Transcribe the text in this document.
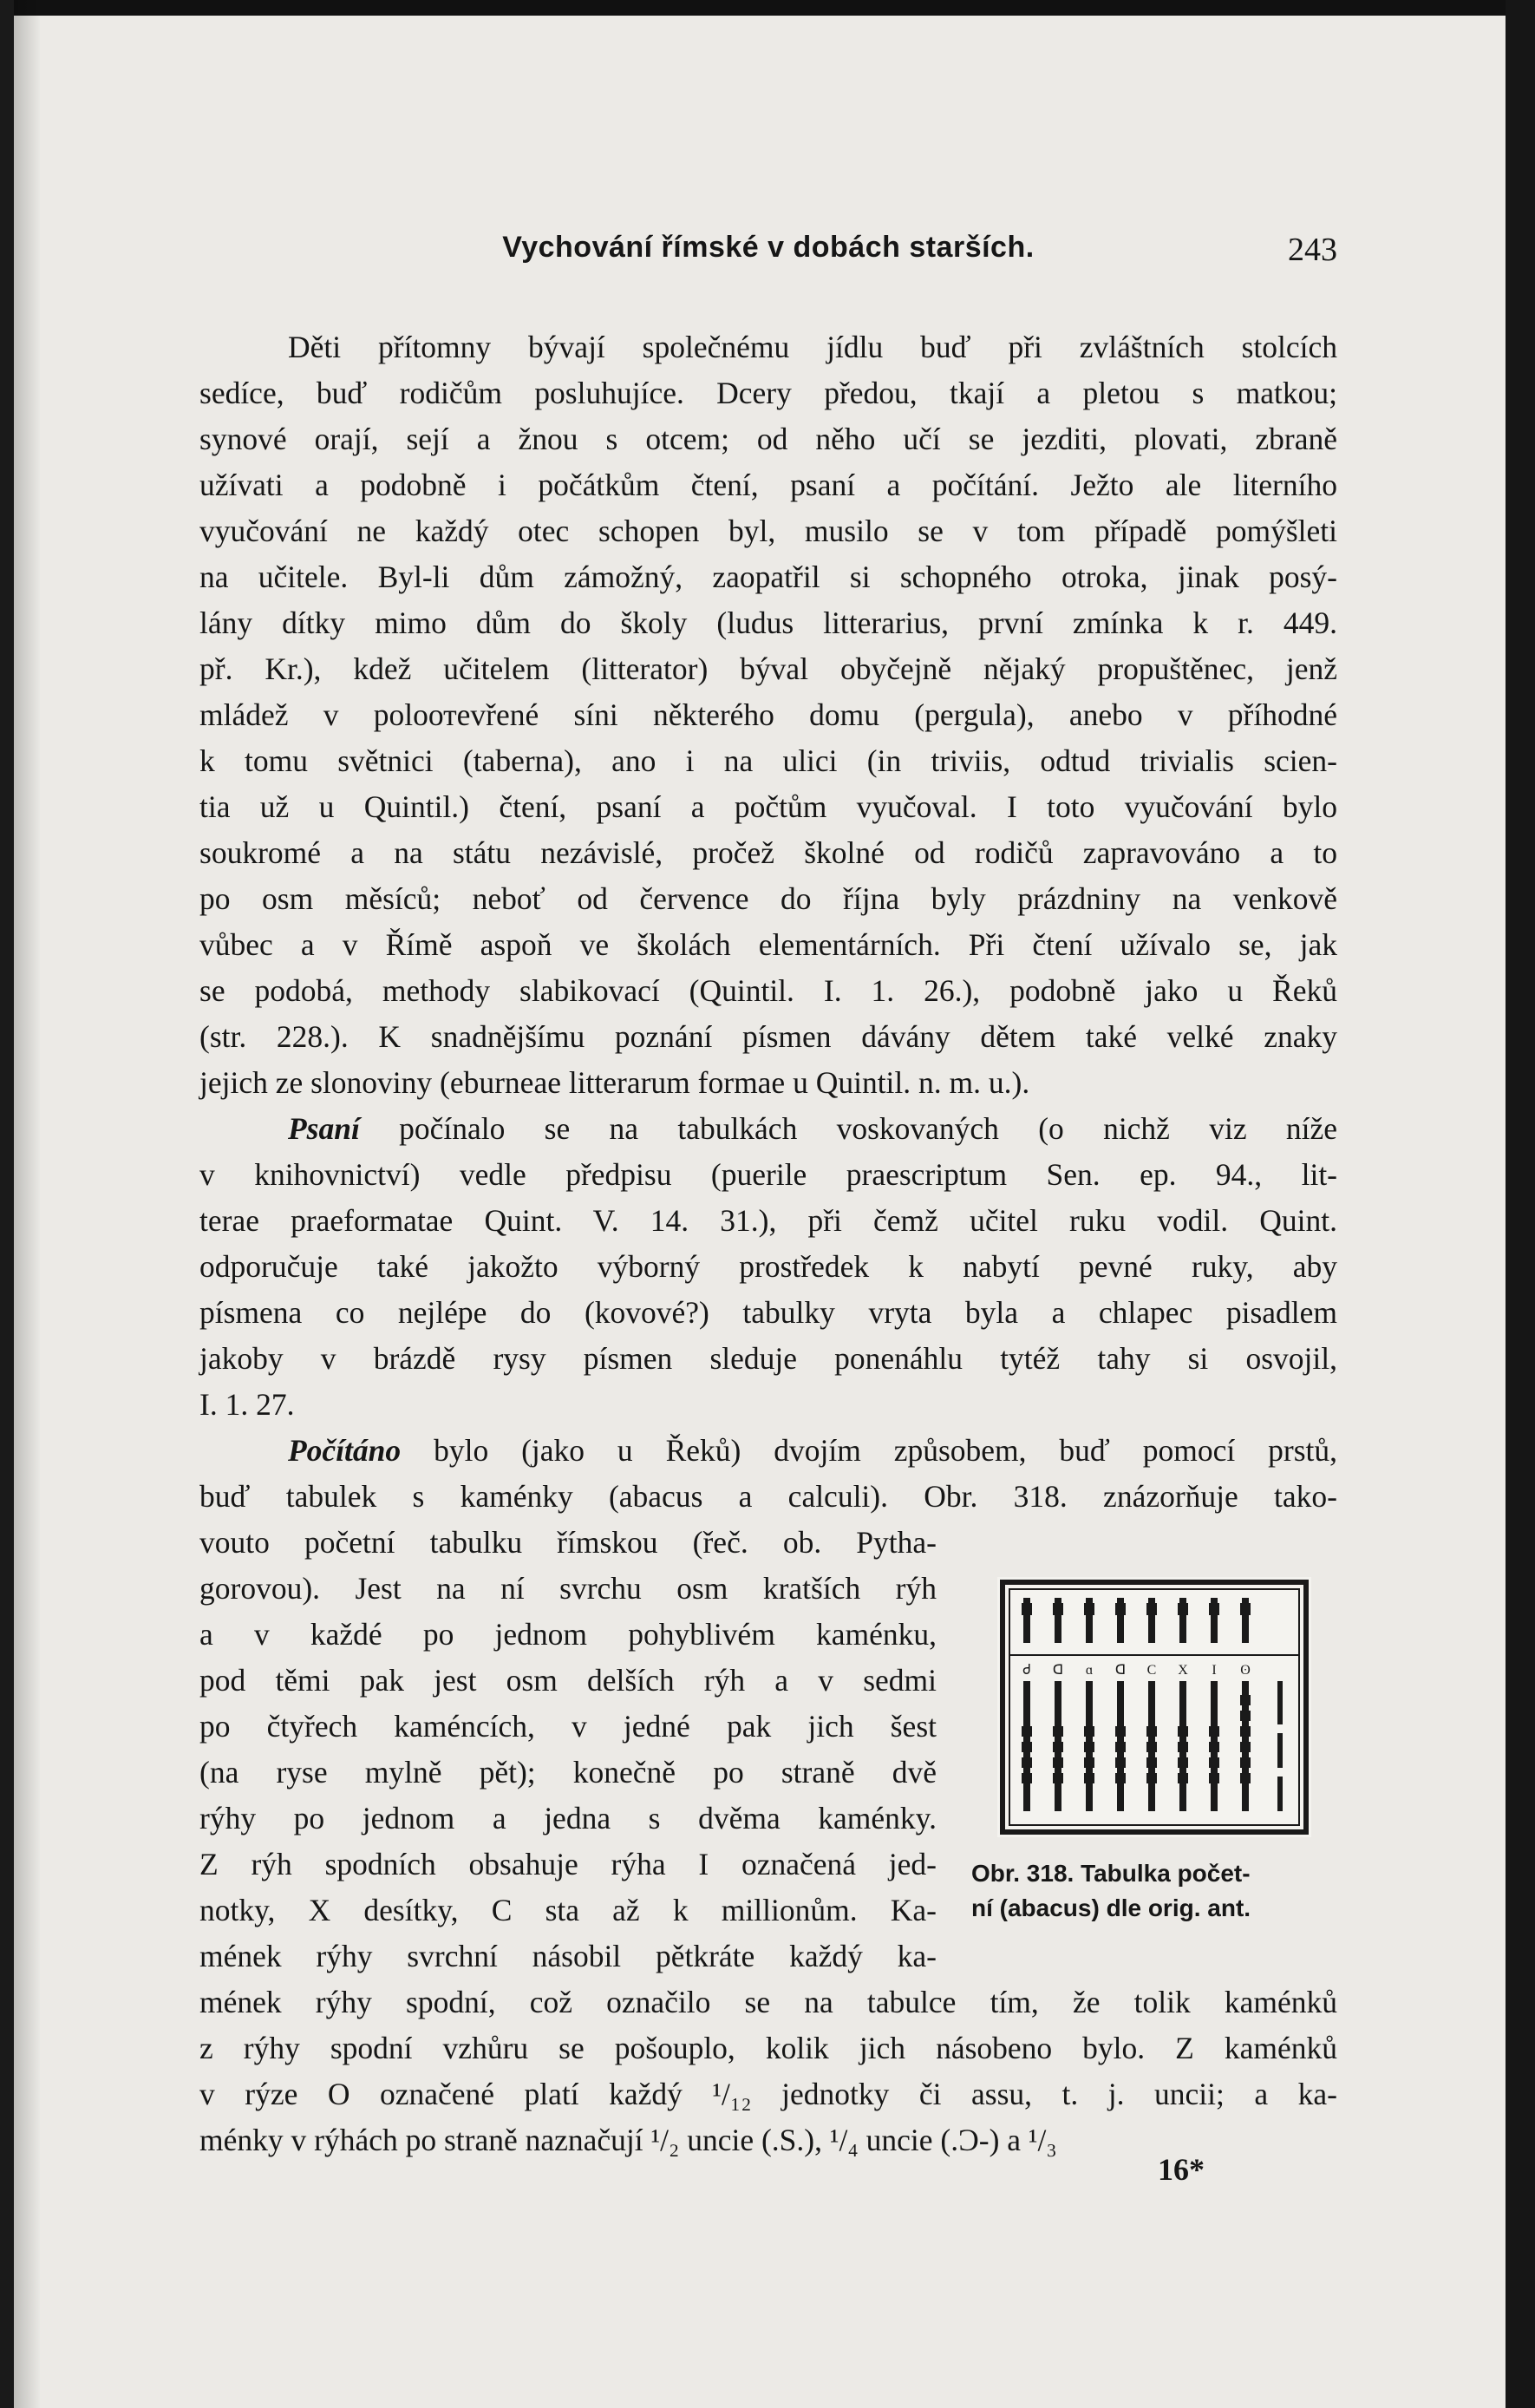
Vychování římské v dobách starších.	243
Děti přítomny bývají společnému jídlu buď při zvláštních stolcích
sedíce, buď rodičům posluhujíce. Dcery předou, tkají a pletou s matkou;
synové orají, sejí a žnou s otcem; od něho učí se jezditi, plovati, zbraně
užívati a podobně i počátkům čtení, psaní a počítání. Ježto ale literního
vyučování ne každý otec schopen byl, musilo se v tom případě pomýšleti
na učitele. Byl-li dům zámožný, zaopatřil si schopného otroka, jinak posý-
lány dítky mimo dům do školy (ludus litterarius, první zmínka k r. 449.
př. Kr.), kdež učitelem (litterator) býval obyčejně nějaký propuštěnec, jenž
mládež v poloотevřené síni některého domu (pergula), anebo v příhodné
k tomu světnici (taberna), ano i na ulici (in triviis, odtud trivialis scien-
tia už u Quintil.) čtení, psaní a počtům vyučoval. I toto vyučování bylo
soukromé a na státu nezávislé, pročež školné od rodičů zapravováno a to
po osm měsíců; neboť od července do října byly prázdniny na venkově
vůbec a v Římě aspoň ve školách elementárních. Při čtení užívalo se, jak
se podobá, methody slabikovací (Quintil. I. 1. 26.), podobně jako u Řeků
(str. 228.). K snadnějšímu poznání písmen dávány dětem také velké znaky
jejich ze slonoviny (eburneae litterarum formae u Quintil. n. m. u.).
Psaní počínalo se na tabulkách voskovaných (o nichž viz níže
v knihovnictví) vedle předpisu (puerile praescriptum Sen. ep. 94., lit-
terae praeformatae Quint. V. 14. 31.), při čemž učitel ruku vodil. Quint.
odporučuje také jakožto výborný prostředek k nabytí pevné ruky, aby
písmena co nejlépe do (kovové?) tabulky vryta byla a chlapec pisadlem
jakoby v brázdě rysy písmen sleduje ponenáhlu tytéž tahy si osvojil,
I. 1. 27.
Počítáno bylo (jako u Řeků) dvojím způsobem, buď pomocí prstů,
buď tabulek s kaménky (abacus a calculi). Obr. 318. znázorňuje tako-
vouto početní tabulku římskou (řeč. ob. Pytha-
gorovou). Jest na ní svrchu osm kratších rýh
a v každé po jednom pohyblivém kaménku,
pod těmi pak jest osm delších rýh a v sedmi
po čtyřech kaméncích, v jedné pak jich šest
(na ryse mylně pět); konečně po straně dvě
rýhy po jednom a jedna s dvěma kaménky.
Z rýh spodních obsahuje rýha I označená jed-
notky, X desítky, C sta až k millionům. Ka-
mének rýhy svrchní násobil pětkráte každý ka-
mének rýhy spodní, což označilo se na tabulce tím, že tolik kaménků
z rýhy spodní vzhůru se pošouplo, kolik jich násobeno bylo. Z kaménků
v rýze O označené platí každý ¹/₁₂ jednotky či assu, t. j. uncii; a ka-
ménky v rýhách po straně naznačují ¹/₂ uncie (.S.), ¹/₄ uncie (.Ɔ-) a ¹/₃
Ꮷ ᗡ ɑ ᗡ C X I ʘ
Obr. 318. Tabulka počet-
ní (abacus) dle orig. ant.
16*
